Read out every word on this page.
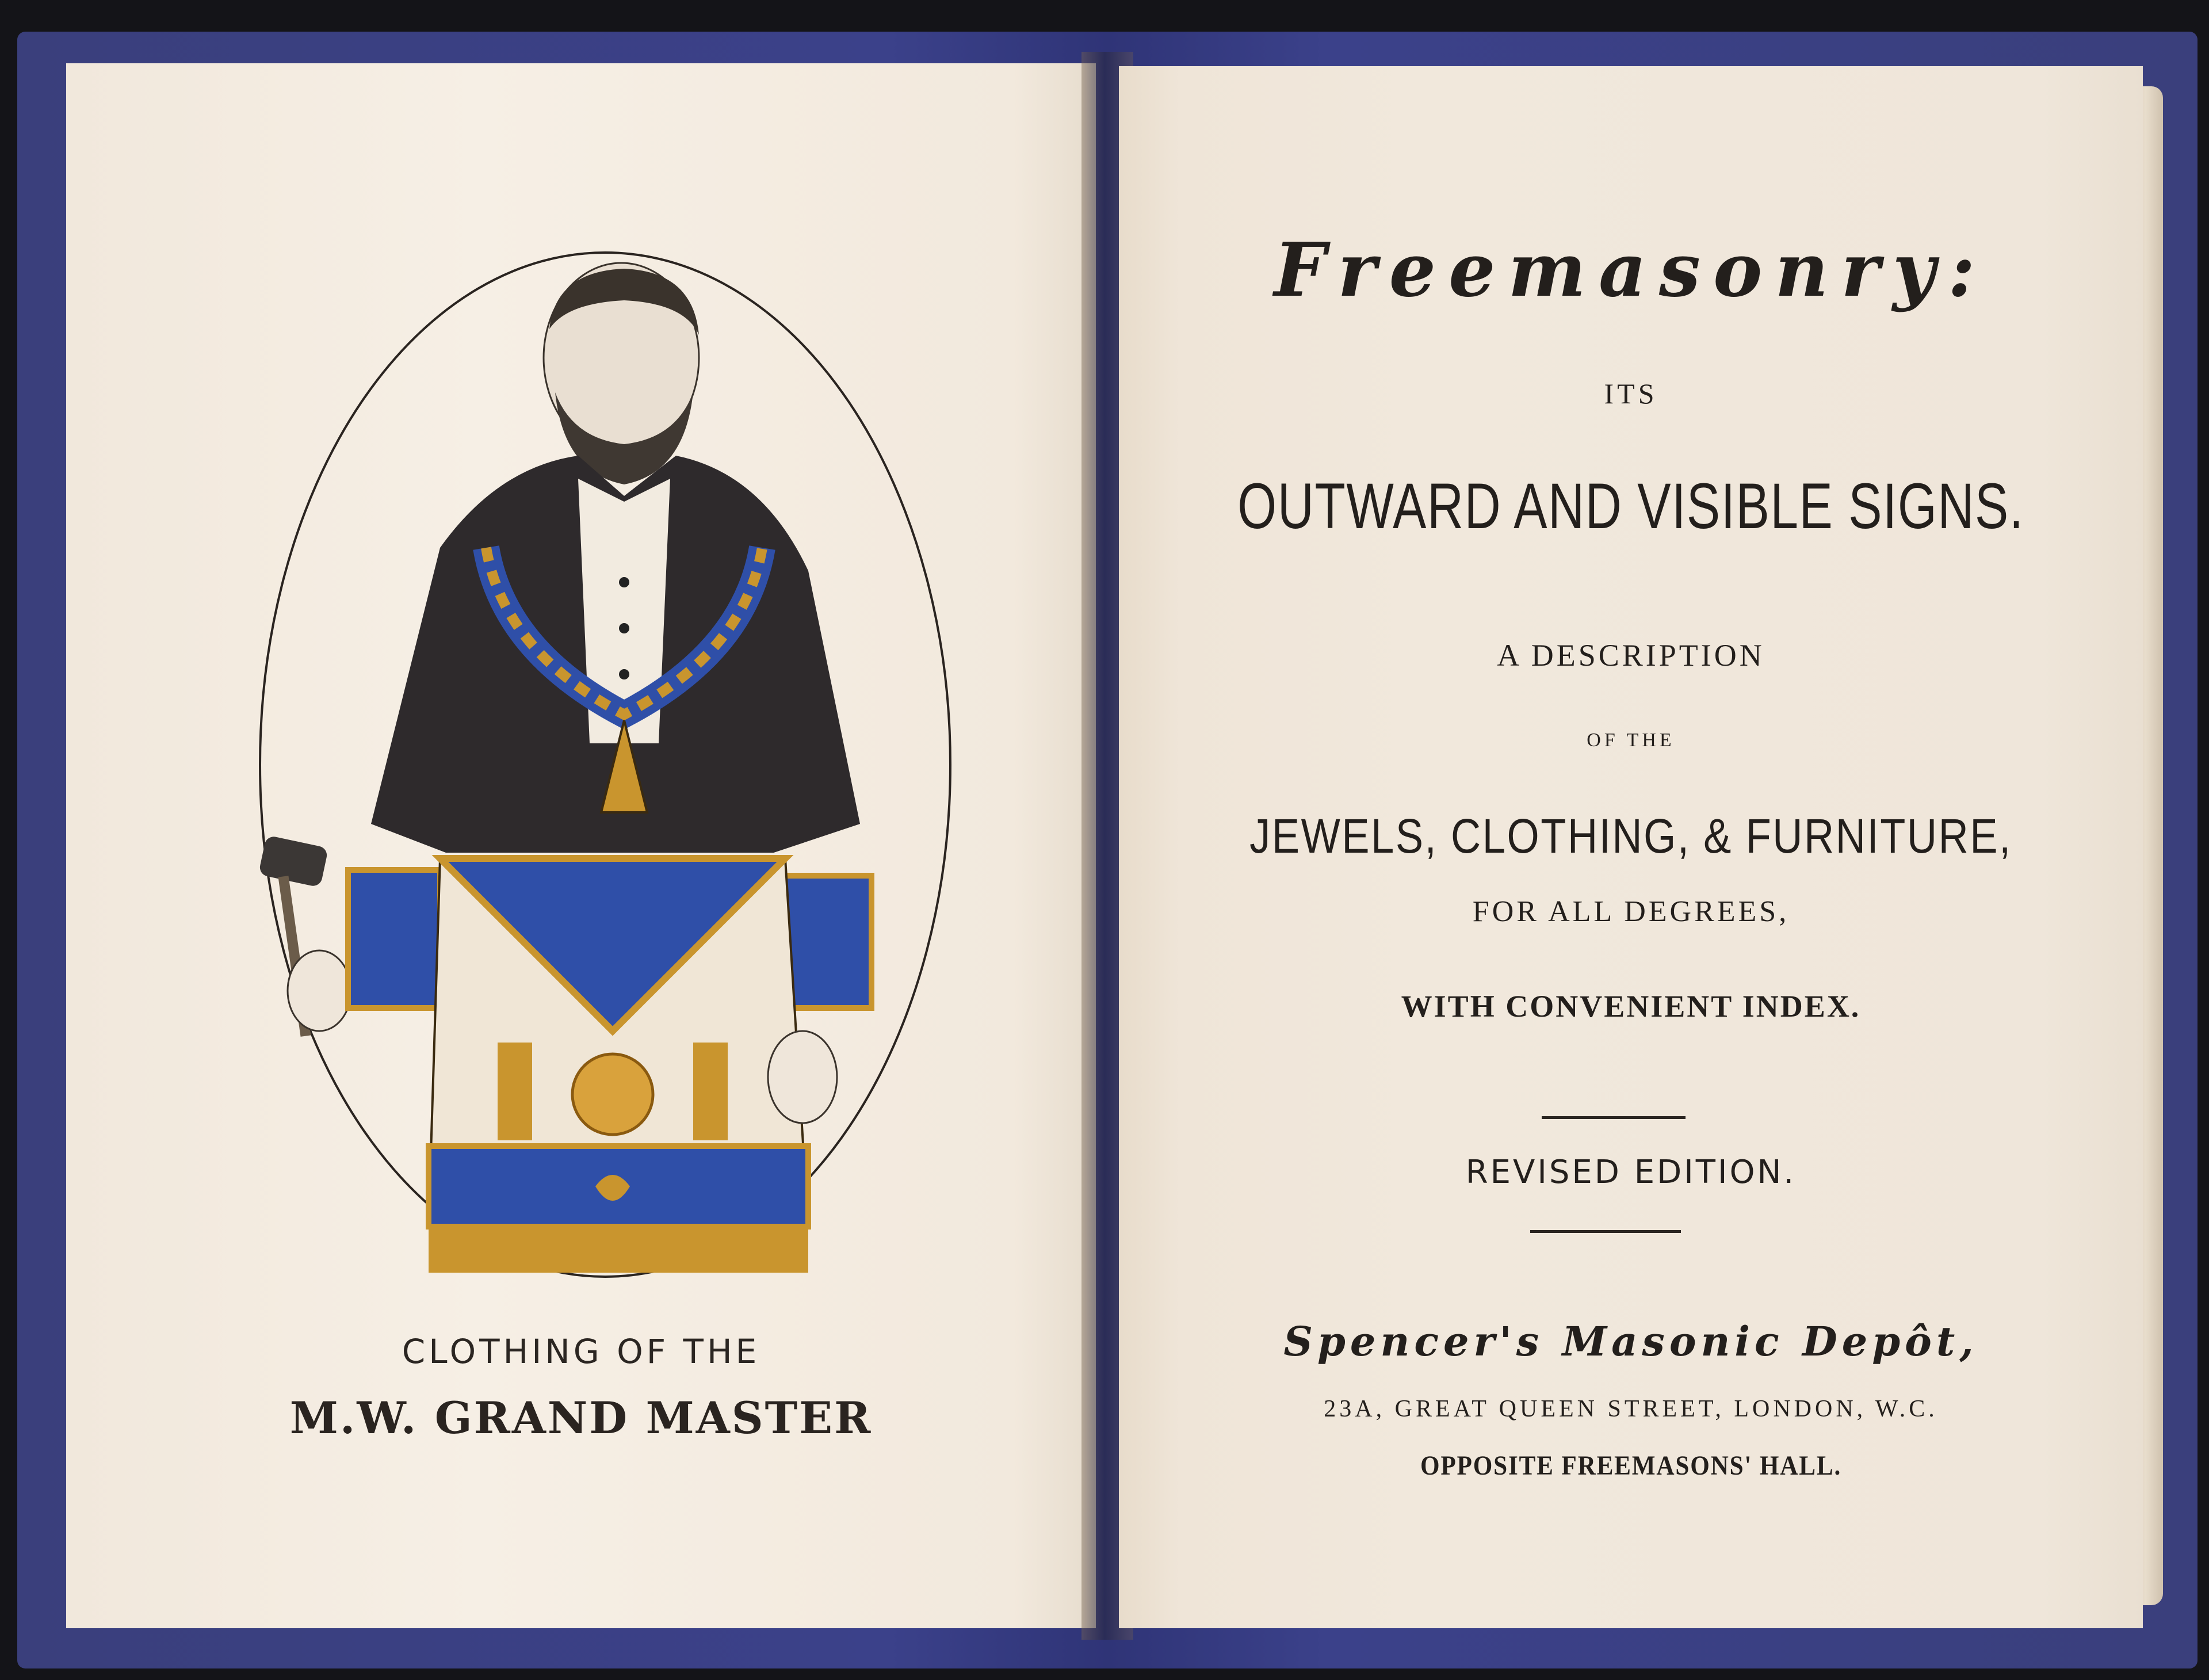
CLOTHING OF THE
M.W. GRAND MASTER
Freemasonry:
ITS
OUTWARD AND VISIBLE SIGNS.
A DESCRIPTION
OF THE
JEWELS, CLOTHING, & FURNITURE,
FOR ALL DEGREES,
WITH CONVENIENT INDEX.
REVISED EDITION.
Spencer's Masonic Depôt,
23A, GREAT QUEEN STREET, LONDON, W.C.
OPPOSITE FREEMASONS' HALL.
